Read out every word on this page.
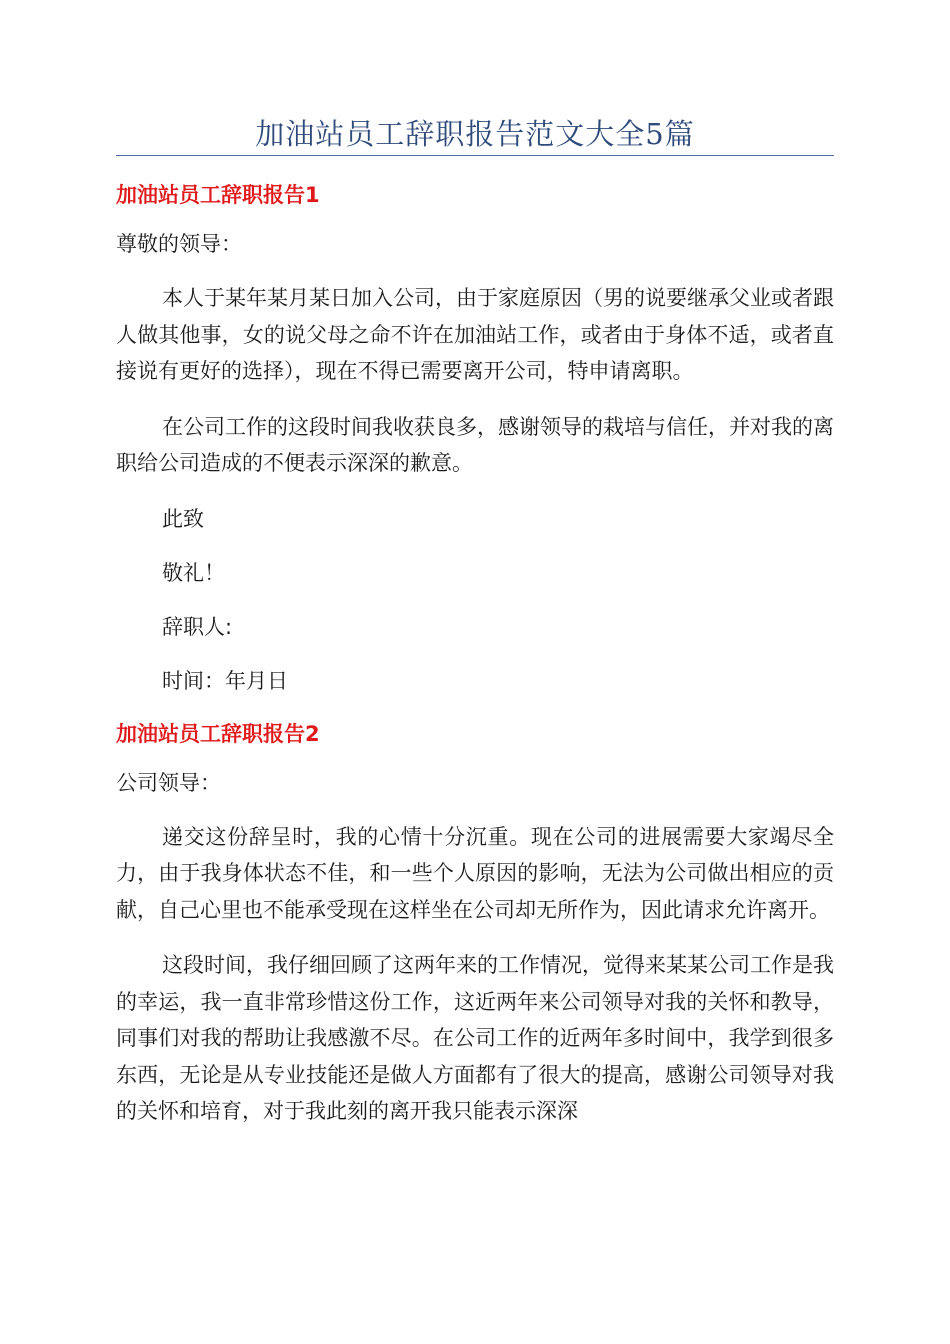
加油站员工辞职报告范文大全5篇
加油站员工辞职报告1
尊敬的领导：
本人于某年某月某日加入公司，由于家庭原因（男的说要继承父业或者跟人做其他事，女的说父母之命不许在加油站工作，或者由于身体不适，或者直接说有更好的选择），现在不得已需要离开公司，特申请离职。
在公司工作的这段时间我收获良多，感谢领导的栽培与信任，并对我的离职给公司造成的不便表示深深的歉意。
此致
敬礼！
辞职人:
时间：年月日
加油站员工辞职报告2
公司领导：
递交这份辞呈时，我的心情十分沉重。现在公司的进展需要大家竭尽全力，由于我身体状态不佳，和一些个人原因的影响，无法为公司做出相应的贡献，自己心里也不能承受现在这样坐在公司却无所作为，因此请求允许离开。
这段时间，我仔细回顾了这两年来的工作情况，觉得来某某公司工作是我的幸运，我一直非常珍惜这份工作，这近两年来公司领导对我的关怀和教导，同事们对我的帮助让我感激不尽。在公司工作的近两年多时间中，我学到很多东西，无论是从专业技能还是做人方面都有了很大的提高，感谢公司领导对我的关怀和培育，对于我此刻的离开我只能表示深深
